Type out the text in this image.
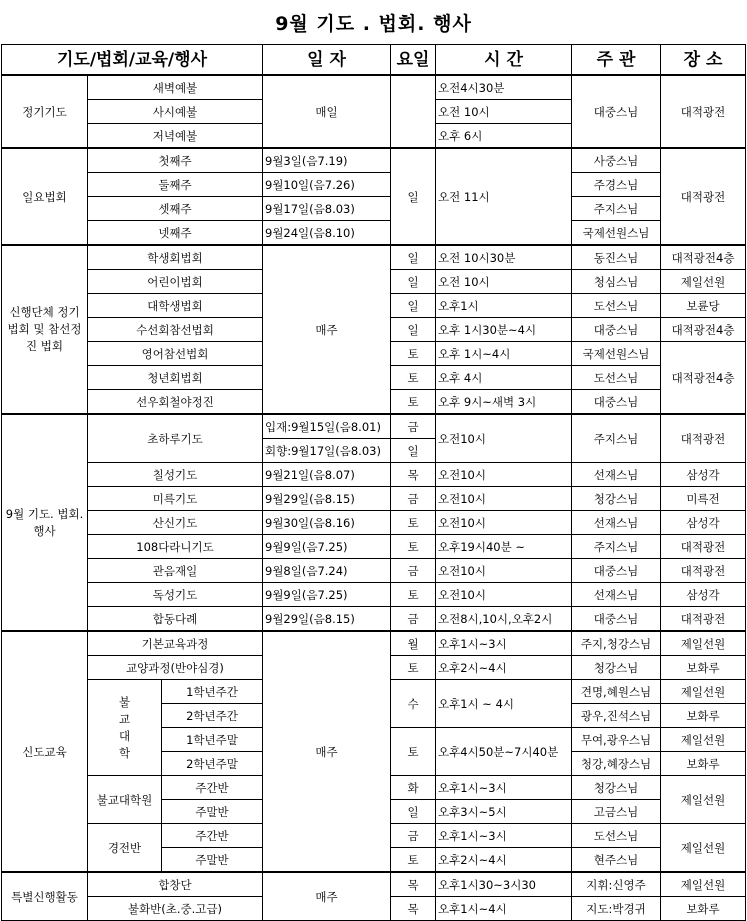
9월 기도 . 법회. 행사
기도/법회/교육/행사			일 자	요일	시 간	주 관	장 소
정기기도	새벽예불		매일		오전4시30분	대중스님	대적광전
	사시예불				오전 10시		
	저녁예불				오후 6시		
일요법회	첫째주		9월3일(음7.19)	일	오전 11시	사중스님	대적광전
	둘째주		9월10일(음7.26)			주경스님	
	셋째주		9월17일(음8.03)			주지스님	
	넷째주		9월24일(음8.10)			국제선원스님	
신행단체 정기법회 및 참선정진 법회	학생회법회		매주	일	오전 10시30분	동진스님	대적광전4층
	어린이법회			일	오전 10시	청심스님	제일선원
	대학생법회			일	오후1시	도선스님	보륜당
	수선회참선법회			일	오후 1시30분~4시	대중스님	대적광전4층
	영어참선법회			토	오후 1시~4시	국제선원스님	대적광전4층
	청년회법회			토	오후 4시	도선스님	
	선우회철야정진			토	오후 9시~새벽 3시	대중스님	
9월 기도. 법회.행사	초하루기도		입재:9월15일(음8.01)	금	오전10시	주지스님	대적광전
			회향:9월17일(음8.03)	일			
	칠성기도		9월21일(음8.07)	목	오전10시	선재스님	삼성각
	미륵기도		9월29일(음8.15)	금	오전10시	청강스님	미륵전
	산신기도		9월30일(음8.16)	토	오전10시	선재스님	삼성각
	108다라니기도		9월9일(음7.25)	토	오후19시40분 ~	주지스님	대적광전
	관음재일		9월8일(음7.24)	금	오전10시	대중스님	대적광전
	독성기도		9월9일(음7.25)	토	오전10시	선재스님	삼성각
	합동다례		9월29일(음8.15)	금	오전8시,10시,오후2시	대중스님	대적광전
신도교육	기본교육과정		매주	월	오후1시~3시	주지,청강스님	제일선원
	교양과정(반야심경)			토	오후2시~4시	청강스님	보화루
	불 교 대 학	1학년주간		수	오후1시 ~ 4시	견명,혜원스님	제일선원
		2학년주간				광우,진석스님	보화루
		1학년주말		토	오후4시50분~7시40분	무여,광우스님	제일선원
		2학년주말				청강,혜장스님	보화루
	불교대학원	주간반		화	오후1시~3시	청강스님	제일선원
		주말반		일	오후3시~5시	고금스님	
	경전반	주간반		금	오후1시~3시	도선스님	제일선원
		주말반		토	오후2시~4시	현주스님	
특별신행활동	합창단		매주	목	오후1시30~3시30	지휘:신영주	제일선원
	불화반(초.중.고급)			목	오후1시~4시	지도:박경귀	보화루
